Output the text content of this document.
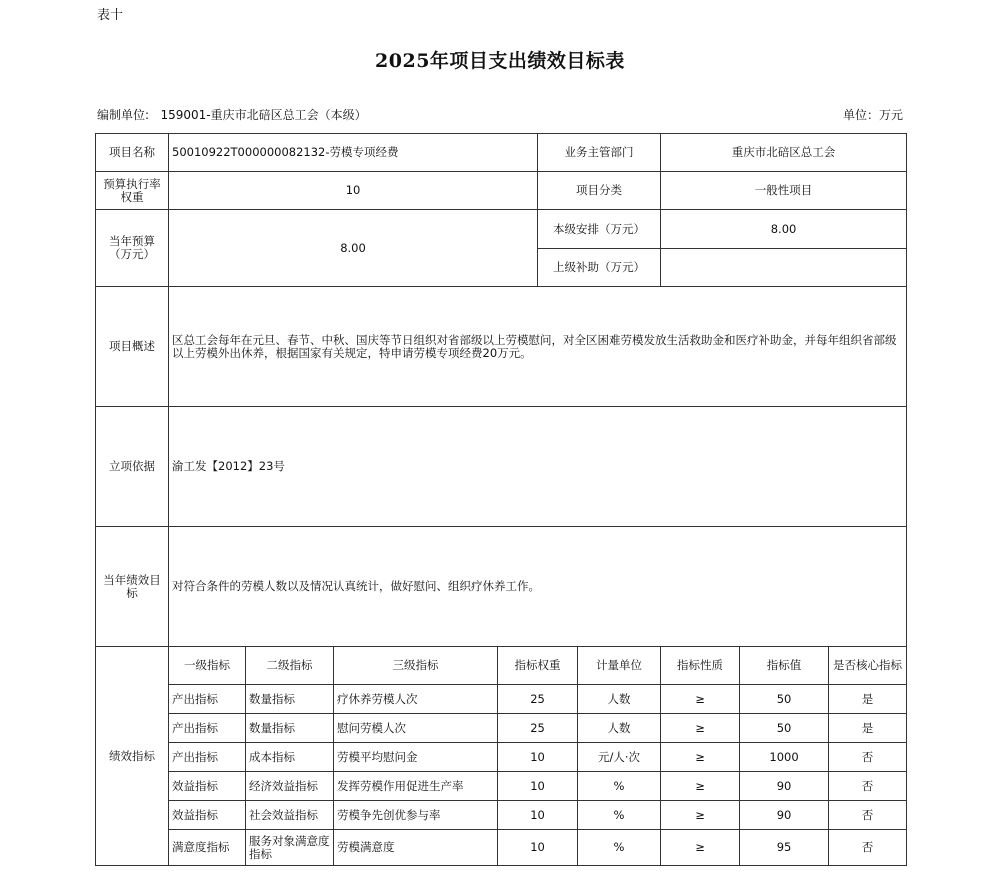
表十
2025年项目支出绩效目标表
编制单位: 159001-重庆市北碚区总工会（本级）	单位：万元
项目名称	50010922T000000082132-劳模专项经费				业务主管部门		重庆市北碚区总工会		
预算执行率权重	10				项目分类		一般性项目		
当年预算（万元）	8.00				本级安排（万元）		8.00		
					上级补助（万元）				
项目概述	区总工会每年在元旦、春节、中秋、国庆等节日组织对省部级以上劳模慰问，对全区困难劳模发放生活救助金和医疗补助金，并每年组织省部级以上劳模外出休养，根据国家有关规定，特申请劳模专项经费20万元。								
立项依据	渝工发【2012】23号								
当年绩效目标	对符合条件的劳模人数以及情况认真统计，做好慰问、组织疗休养工作。								
绩效指标	一级指标	二级指标	三级指标	指标权重		计量单位	指标性质	指标值	是否核心指标
	产出指标	数量指标	疗休养劳模人次	25		人数	≥	50	是
	产出指标	数量指标	慰问劳模人次	25		人数	≥	50	是
	产出指标	成本指标	劳模平均慰问金	10		元/人·次	≥	1000	否
	效益指标	经济效益指标	发挥劳模作用促进生产率	10		%	≥	90	否
	效益指标	社会效益指标	劳模争先创优参与率	10		%	≥	90	否
	满意度指标	服务对象满意度指标	劳模满意度	10		%	≥	95	否
